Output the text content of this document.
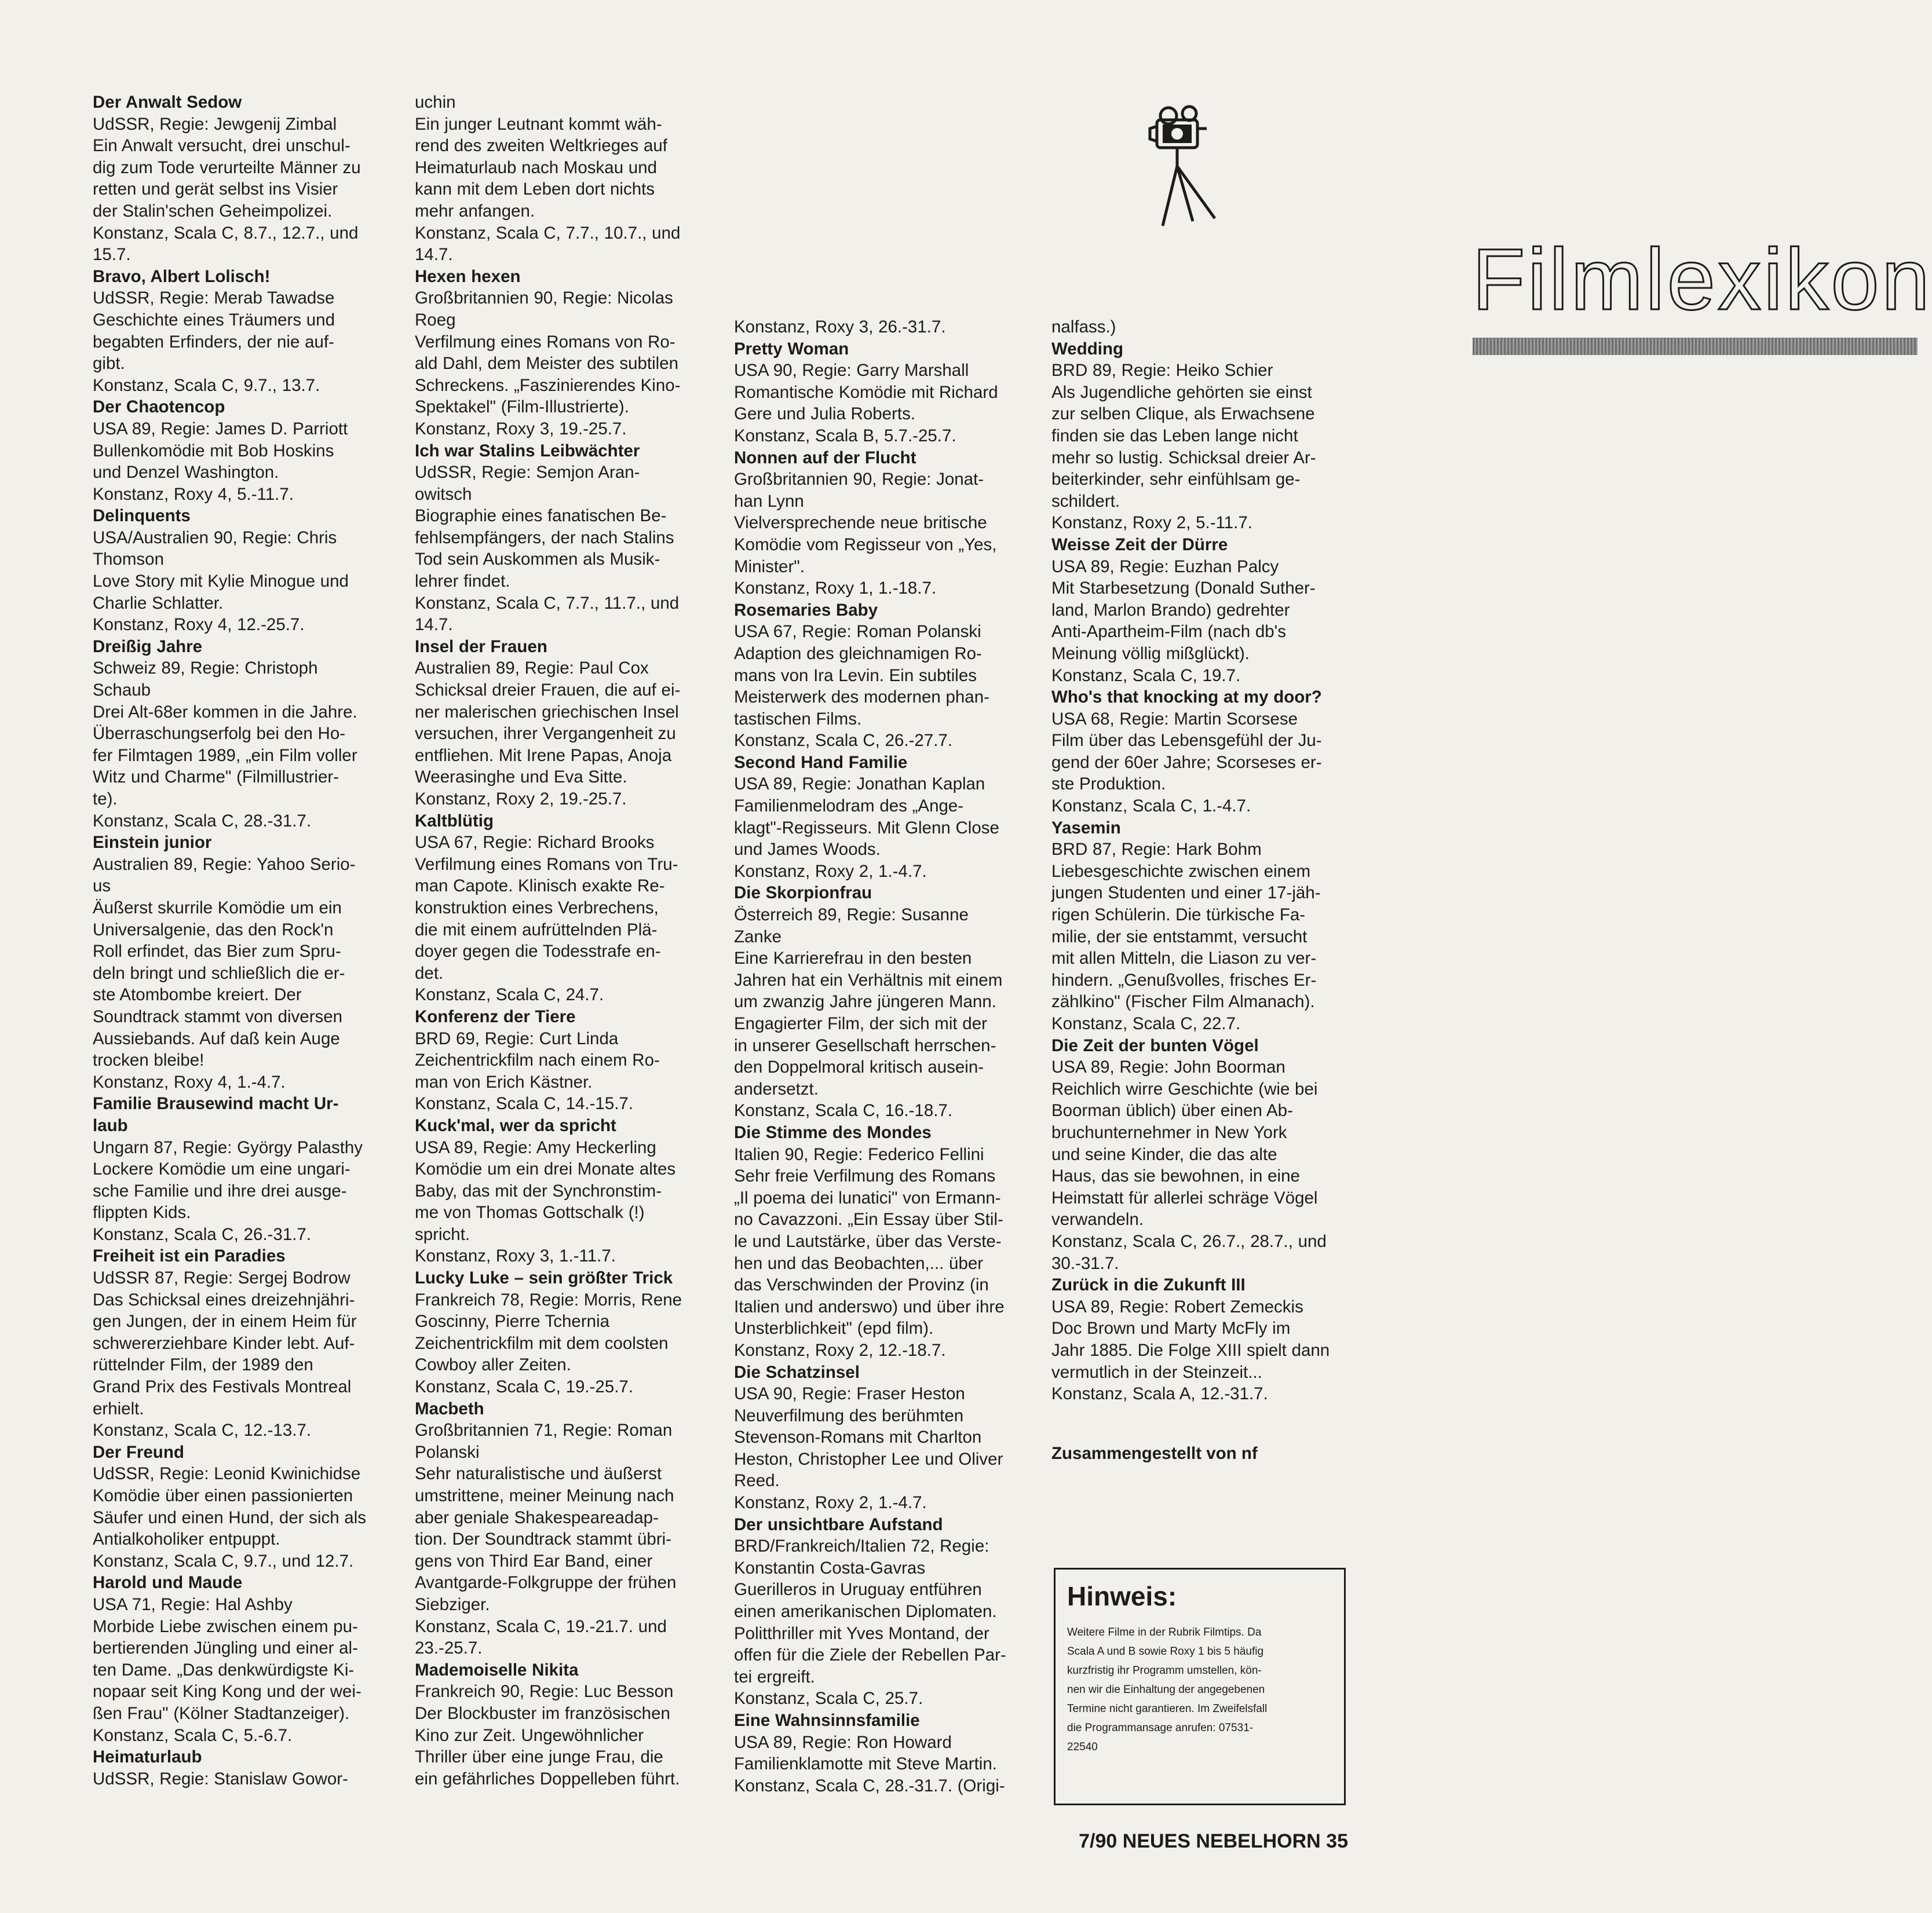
Filmlexikon

Der Anwalt Sedow

UdSSR, Regie: Jewgenij Zimbal

Ein Anwalt versucht, drei unschul-

dig zum Tode verurteilte Männer zu

retten und gerät selbst ins Visier

der Stalin'schen Geheimpolizei.

Konstanz, Scala C, 8.7., 12.7., und

15.7.

Bravo, Albert Lolisch!

UdSSR, Regie: Merab Tawadse

Geschichte eines Träumers und

begabten Erfinders, der nie auf-

gibt.

Konstanz, Scala C, 9.7., 13.7.

Der Chaotencop

USA 89, Regie: James D. Parriott

Bullenkomödie mit Bob Hoskins

und Denzel Washington.

Konstanz, Roxy 4, 5.-11.7.

Delinquents

USA/Australien 90, Regie: Chris

Thomson

Love Story mit Kylie Minogue und

Charlie Schlatter.

Konstanz, Roxy 4, 12.-25.7.

Dreißig Jahre

Schweiz 89, Regie: Christoph

Schaub

Drei Alt-68er kommen in die Jahre.

Überraschungserfolg bei den Ho-

fer Filmtagen 1989, „ein Film voller

Witz und Charme" (Filmillustrier-

te).

Konstanz, Scala C, 28.-31.7.

Einstein junior

Australien 89, Regie: Yahoo Serio-

us

Äußerst skurrile Komödie um ein

Universalgenie, das den Rock'n

Roll erfindet, das Bier zum Spru-

deln bringt und schließlich die er-

ste Atombombe kreiert. Der

Soundtrack stammt von diversen

Aussiebands. Auf daß kein Auge

trocken bleibe!

Konstanz, Roxy 4, 1.-4.7.

Familie Brausewind macht Ur-

laub

Ungarn 87, Regie: György Palasthy

Lockere Komödie um eine ungari-

sche Familie und ihre drei ausge-

flippten Kids.

Konstanz, Scala C, 26.-31.7.

Freiheit ist ein Paradies

UdSSR 87, Regie: Sergej Bodrow

Das Schicksal eines dreizehnjähri-

gen Jungen, der in einem Heim für

schwererziehbare Kinder lebt. Auf-

rüttelnder Film, der 1989 den

Grand Prix des Festivals Montreal

erhielt.

Konstanz, Scala C, 12.-13.7.

Der Freund

UdSSR, Regie: Leonid Kwinichidse

Komödie über einen passionierten

Säufer und einen Hund, der sich als

Antialkoholiker entpuppt.

Konstanz, Scala C, 9.7., und 12.7.

Harold und Maude

USA 71, Regie: Hal Ashby

Morbide Liebe zwischen einem pu-

bertierenden Jüngling und einer al-

ten Dame. „Das denkwürdigste Ki-

nopaar seit King Kong und der wei-

ßen Frau" (Kölner Stadtanzeiger).

Konstanz, Scala C, 5.-6.7.

Heimaturlaub

UdSSR, Regie: Stanislaw Gowor-

uchin

Ein junger Leutnant kommt wäh-

rend des zweiten Weltkrieges auf

Heimaturlaub nach Moskau und

kann mit dem Leben dort nichts

mehr anfangen.

Konstanz, Scala C, 7.7., 10.7., und

14.7.

Hexen hexen

Großbritannien 90, Regie: Nicolas

Roeg

Verfilmung eines Romans von Ro-

ald Dahl, dem Meister des subtilen

Schreckens. „Faszinierendes Kino-

Spektakel" (Film-Illustrierte).

Konstanz, Roxy 3, 19.-25.7.

Ich war Stalins Leibwächter

UdSSR, Regie: Semjon Aran-

owitsch

Biographie eines fanatischen Be-

fehlsempfängers, der nach Stalins

Tod sein Auskommen als Musik-

lehrer findet.

Konstanz, Scala C, 7.7., 11.7., und

14.7.

Insel der Frauen

Australien 89, Regie: Paul Cox

Schicksal dreier Frauen, die auf ei-

ner malerischen griechischen Insel

versuchen, ihrer Vergangenheit zu

entfliehen. Mit Irene Papas, Anoja

Weerasinghe und Eva Sitte.

Konstanz, Roxy 2, 19.-25.7.

Kaltblütig

USA 67, Regie: Richard Brooks

Verfilmung eines Romans von Tru-

man Capote. Klinisch exakte Re-

konstruktion eines Verbrechens,

die mit einem aufrüttelnden Plä-

doyer gegen die Todesstrafe en-

det.

Konstanz, Scala C, 24.7.

Konferenz der Tiere

BRD 69, Regie: Curt Linda

Zeichentrickfilm nach einem Ro-

man von Erich Kästner.

Konstanz, Scala C, 14.-15.7.

Kuck'mal, wer da spricht

USA 89, Regie: Amy Heckerling

Komödie um ein drei Monate altes

Baby, das mit der Synchronstim-

me von Thomas Gottschalk (!)

spricht.

Konstanz, Roxy 3, 1.-11.7.

Lucky Luke – sein größter Trick

Frankreich 78, Regie: Morris, Rene

Goscinny, Pierre Tchernia

Zeichentrickfilm mit dem coolsten

Cowboy aller Zeiten.

Konstanz, Scala C, 19.-25.7.

Macbeth

Großbritannien 71, Regie: Roman

Polanski

Sehr naturalistische und äußerst

umstrittene, meiner Meinung nach

aber geniale Shakespeareadap-

tion. Der Soundtrack stammt übri-

gens von Third Ear Band, einer

Avantgarde-Folkgruppe der frühen

Siebziger.

Konstanz, Scala C, 19.-21.7. und

23.-25.7.

Mademoiselle Nikita

Frankreich 90, Regie: Luc Besson

Der Blockbuster im französischen

Kino zur Zeit. Ungewöhnlicher

Thriller über eine junge Frau, die

ein gefährliches Doppelleben führt.

Konstanz, Roxy 3, 26.-31.7.

Pretty Woman

USA 90, Regie: Garry Marshall

Romantische Komödie mit Richard

Gere und Julia Roberts.

Konstanz, Scala B, 5.7.-25.7.

Nonnen auf der Flucht

Großbritannien 90, Regie: Jonat-

han Lynn

Vielversprechende neue britische

Komödie vom Regisseur von „Yes,

Minister".

Konstanz, Roxy 1, 1.-18.7.

Rosemaries Baby

USA 67, Regie: Roman Polanski

Adaption des gleichnamigen Ro-

mans von Ira Levin. Ein subtiles

Meisterwerk des modernen phan-

tastischen Films.

Konstanz, Scala C, 26.-27.7.

Second Hand Familie

USA 89, Regie: Jonathan Kaplan

Familienmelodram des „Ange-

klagt"-Regisseurs. Mit Glenn Close

und James Woods.

Konstanz, Roxy 2, 1.-4.7.

Die Skorpionfrau

Österreich 89, Regie: Susanne

Zanke

Eine Karrierefrau in den besten

Jahren hat ein Verhältnis mit einem

um zwanzig Jahre jüngeren Mann.

Engagierter Film, der sich mit der

in unserer Gesellschaft herrschen-

den Doppelmoral kritisch ausein-

andersetzt.

Konstanz, Scala C, 16.-18.7.

Die Stimme des Mondes

Italien 90, Regie: Federico Fellini

Sehr freie Verfilmung des Romans

„Il poema dei lunatici" von Ermann-

no Cavazzoni. „Ein Essay über Stil-

le und Lautstärke, über das Verste-

hen und das Beobachten,... über

das Verschwinden der Provinz (in

Italien und anderswo) und über ihre

Unsterblichkeit" (epd film).

Konstanz, Roxy 2, 12.-18.7.

Die Schatzinsel

USA 90, Regie: Fraser Heston

Neuverfilmung des berühmten

Stevenson-Romans mit Charlton

Heston, Christopher Lee und Oliver

Reed.

Konstanz, Roxy 2, 1.-4.7.

Der unsichtbare Aufstand

BRD/Frankreich/Italien 72, Regie:

Konstantin Costa-Gavras

Guerilleros in Uruguay entführen

einen amerikanischen Diplomaten.

Politthriller mit Yves Montand, der

offen für die Ziele der Rebellen Par-

tei ergreift.

Konstanz, Scala C, 25.7.

Eine Wahnsinnsfamilie

USA 89, Regie: Ron Howard

Familienklamotte mit Steve Martin.

Konstanz, Scala C, 28.-31.7. (Origi-

nalfass.)

Wedding

BRD 89, Regie: Heiko Schier

Als Jugendliche gehörten sie einst

zur selben Clique, als Erwachsene

finden sie das Leben lange nicht

mehr so lustig. Schicksal dreier Ar-

beiterkinder, sehr einfühlsam ge-

schildert.

Konstanz, Roxy 2, 5.-11.7.

Weisse Zeit der Dürre

USA 89, Regie: Euzhan Palcy

Mit Starbesetzung (Donald Suther-

land, Marlon Brando) gedrehter

Anti-Apartheim-Film (nach db's

Meinung völlig mißglückt).

Konstanz, Scala C, 19.7.

Who's that knocking at my door?

USA 68, Regie: Martin Scorsese

Film über das Lebensgefühl der Ju-

gend der 60er Jahre; Scorseses er-

ste Produktion.

Konstanz, Scala C, 1.-4.7.

Yasemin

BRD 87, Regie: Hark Bohm

Liebesgeschichte zwischen einem

jungen Studenten und einer 17-jäh-

rigen Schülerin. Die türkische Fa-

milie, der sie entstammt, versucht

mit allen Mitteln, die Liason zu ver-

hindern. „Genußvolles, frisches Er-

zählkino" (Fischer Film Almanach).

Konstanz, Scala C, 22.7.

Die Zeit der bunten Vögel

USA 89, Regie: John Boorman

Reichlich wirre Geschichte (wie bei

Boorman üblich) über einen Ab-

bruchunternehmer in New York

und seine Kinder, die das alte

Haus, das sie bewohnen, in eine

Heimstatt für allerlei schräge Vögel

verwandeln.

Konstanz, Scala C, 26.7., 28.7., und

30.-31.7.

Zurück in die Zukunft III

USA 89, Regie: Robert Zemeckis

Doc Brown und Marty McFly im

Jahr 1885. Die Folge XIII spielt dann

vermutlich in der Steinzeit...

Konstanz, Scala A, 12.-31.7.

Zusammengestellt von nf

Hinweis:

Weitere Filme in der Rubrik Filmtips. Da
Scala A und B sowie Roxy 1 bis 5 häufig
kurzfristig ihr Programm umstellen, kön-
nen wir die Einhaltung der angegebenen
Termine nicht garantieren. Im Zweifelsfall
die Programmansage anrufen: 07531-
22540

7/90 NEUES NEBELHORN 35
